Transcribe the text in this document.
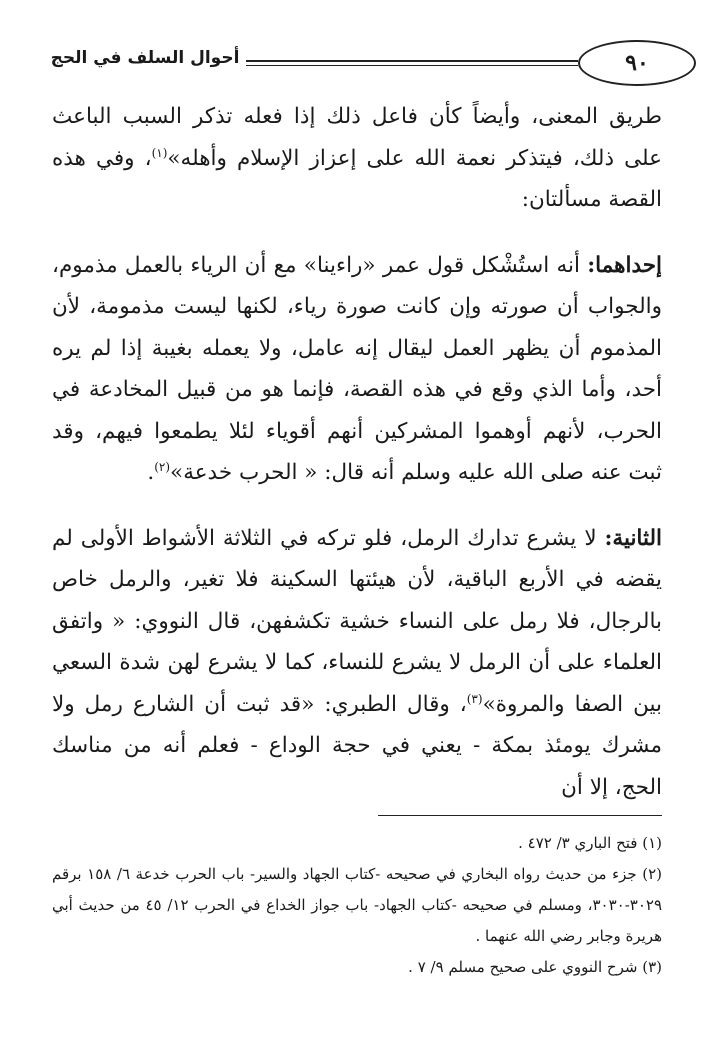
٩٠
أحوال السلف في الحج

طريق المعنى، وأيضاً كأن فاعل ذلك إذا فعله تذكر السبب الباعث على ذلك، فيتذكر نعمة الله على إعزاز الإسلام وأهله»$^{(١)}$، وفي هذه القصة مسألتان:

إحداهما: أنه استُشْكل قول عمر «راءينا» مع أن الرياء بالعمل مذموم، والجواب أن صورته وإن كانت صورة رياء، لكنها ليست مذمومة، لأن المذموم أن يظهر العمل ليقال إنه عامل، ولا يعمله بغيبة إذا لم يره أحد، وأما الذي وقع في هذه القصة، فإنما هو من قبيل المخادعة في الحرب، لأنهم أوهموا المشركين أنهم أقوياء لئلا يطمعوا فيهم، وقد ثبت عنه صلى الله عليه وسلم أنه قال: « الحرب خدعة»$^{(٢)}$.

الثانية: لا يشرع تدارك الرمل، فلو تركه في الثلاثة الأشواط الأولى لم يقضه في الأربع الباقية، لأن هيئتها السكينة فلا تغير، والرمل خاص بالرجال، فلا رمل على النساء خشية تكشفهن، قال النووي: « واتفق العلماء على أن الرمل لا يشرع للنساء، كما لا يشرع لهن شدة السعي بين الصفا والمروة»$^{(٣)}$، وقال الطبري: «قد ثبت أن الشارع رمل ولا مشرك يومئذ بمكة - يعني في حجة الوداع - فعلم أنه من مناسك الحج، إلا أن

(١) فتح الباري ٣/ ٤٧٢ .

(٢) جزء من حديث رواه البخاري في صحيحه -كتاب الجهاد والسير- باب الحرب خدعة ٦/ ١٥٨ برقم ٣٠٢٩-٣٠٣٠، ومسلم في صحيحه -كتاب الجهاد- باب جواز الخداع في الحرب ١٢/ ٤٥ من حديث أبي هريرة وجابر رضي الله عنهما .

(٣) شرح النووي على صحيح مسلم ٩/ ٧ .
